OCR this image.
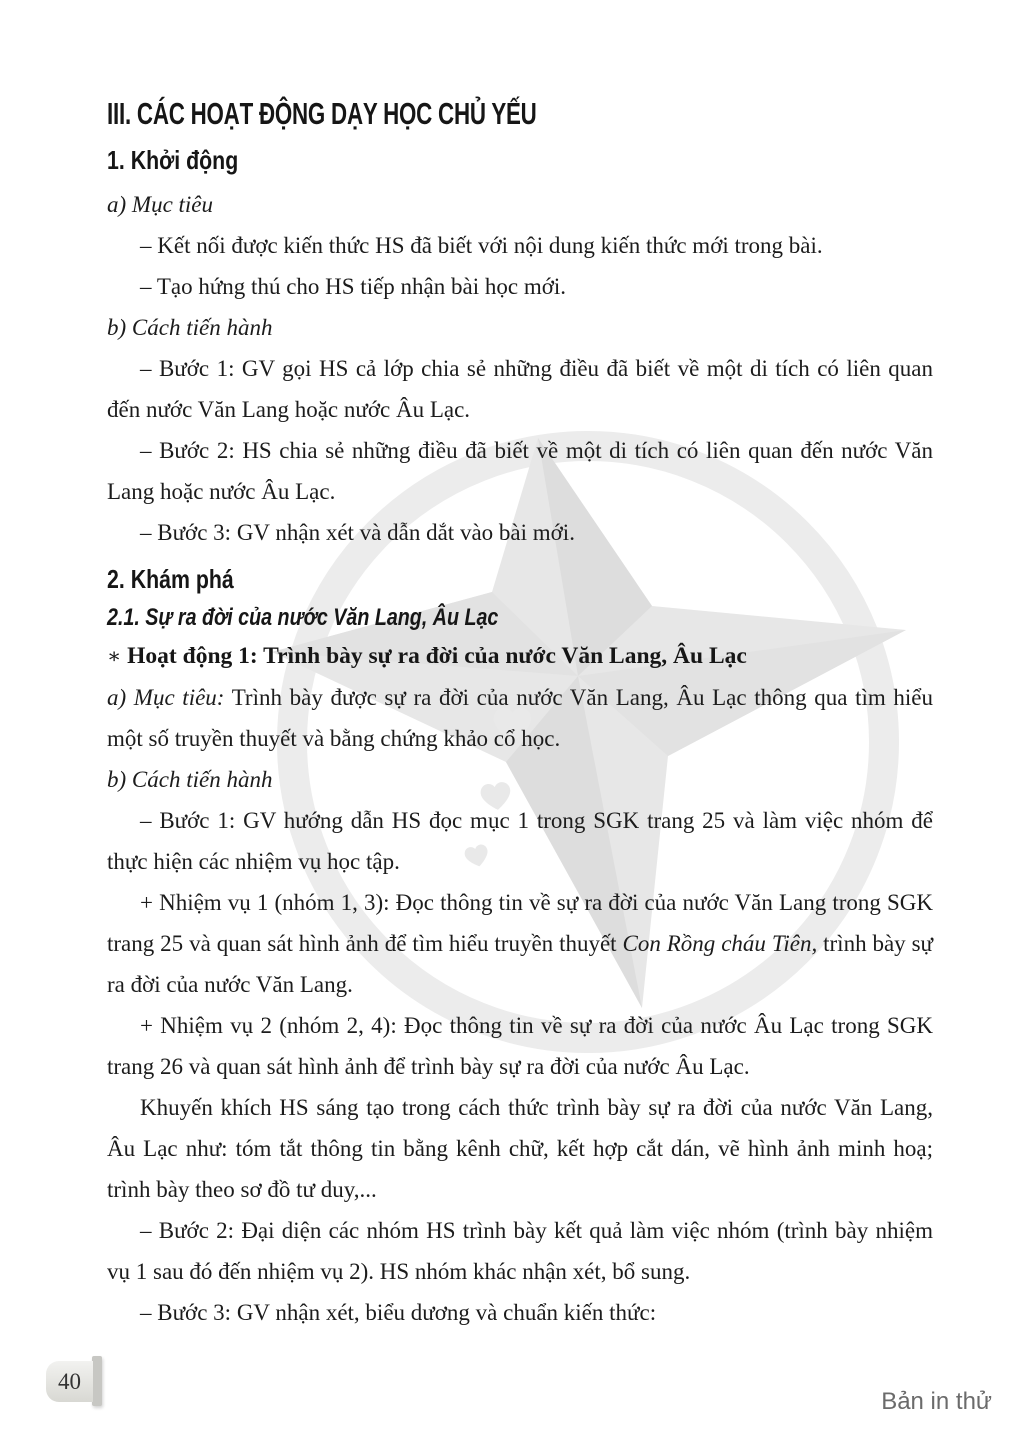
III. CÁC HOẠT ĐỘNG DẠY HỌC CHỦ YẾU
1. Khởi động

a) Mục tiêu

– Kết nối được kiến thức HS đã biết với nội dung kiến thức mới trong bài.

– Tạo hứng thú cho HS tiếp nhận bài học mới.

b) Cách tiến hành

– Bước 1: GV gọi HS cả lớp chia sẻ những điều đã biết về một di tích có liên quan đến nước Văn Lang hoặc nước Âu Lạc.

– Bước 2: HS chia sẻ những điều đã biết về một di tích có liên quan đến nước Văn Lang hoặc nước Âu Lạc.

– Bước 3: GV nhận xét và dẫn dắt vào bài mới.

2. Khám phá
2.1. Sự ra đời của nước Văn Lang, Âu Lạc

∗ Hoạt động 1: Trình bày sự ra đời của nước Văn Lang, Âu Lạc

a) Mục tiêu: Trình bày được sự ra đời của nước Văn Lang, Âu Lạc thông qua tìm hiểu một số truyền thuyết và bằng chứng khảo cổ học.

b) Cách tiến hành

– Bước 1: GV hướng dẫn HS đọc mục 1 trong SGK trang 25 và làm việc nhóm để thực hiện các nhiệm vụ học tập.

+ Nhiệm vụ 1 (nhóm 1, 3): Đọc thông tin về sự ra đời của nước Văn Lang trong SGK trang 25 và quan sát hình ảnh để tìm hiểu truyền thuyết Con Rồng cháu Tiên, trình bày sự ra đời của nước Văn Lang.

+ Nhiệm vụ 2 (nhóm 2, 4): Đọc thông tin về sự ra đời của nước Âu Lạc trong SGK trang 26 và quan sát hình ảnh để trình bày sự ra đời của nước Âu Lạc.

Khuyến khích HS sáng tạo trong cách thức trình bày sự ra đời của nước Văn Lang, Âu Lạc như: tóm tắt thông tin bằng kênh chữ, kết hợp cắt dán, vẽ hình ảnh minh hoạ; trình bày theo sơ đồ tư duy,...

– Bước 2: Đại diện các nhóm HS trình bày kết quả làm việc nhóm (trình bày nhiệm vụ 1 sau đó đến nhiệm vụ 2). HS nhóm khác nhận xét, bổ sung.

– Bước 3: GV nhận xét, biểu dương và chuẩn kiến thức:

40
Bản in thử
